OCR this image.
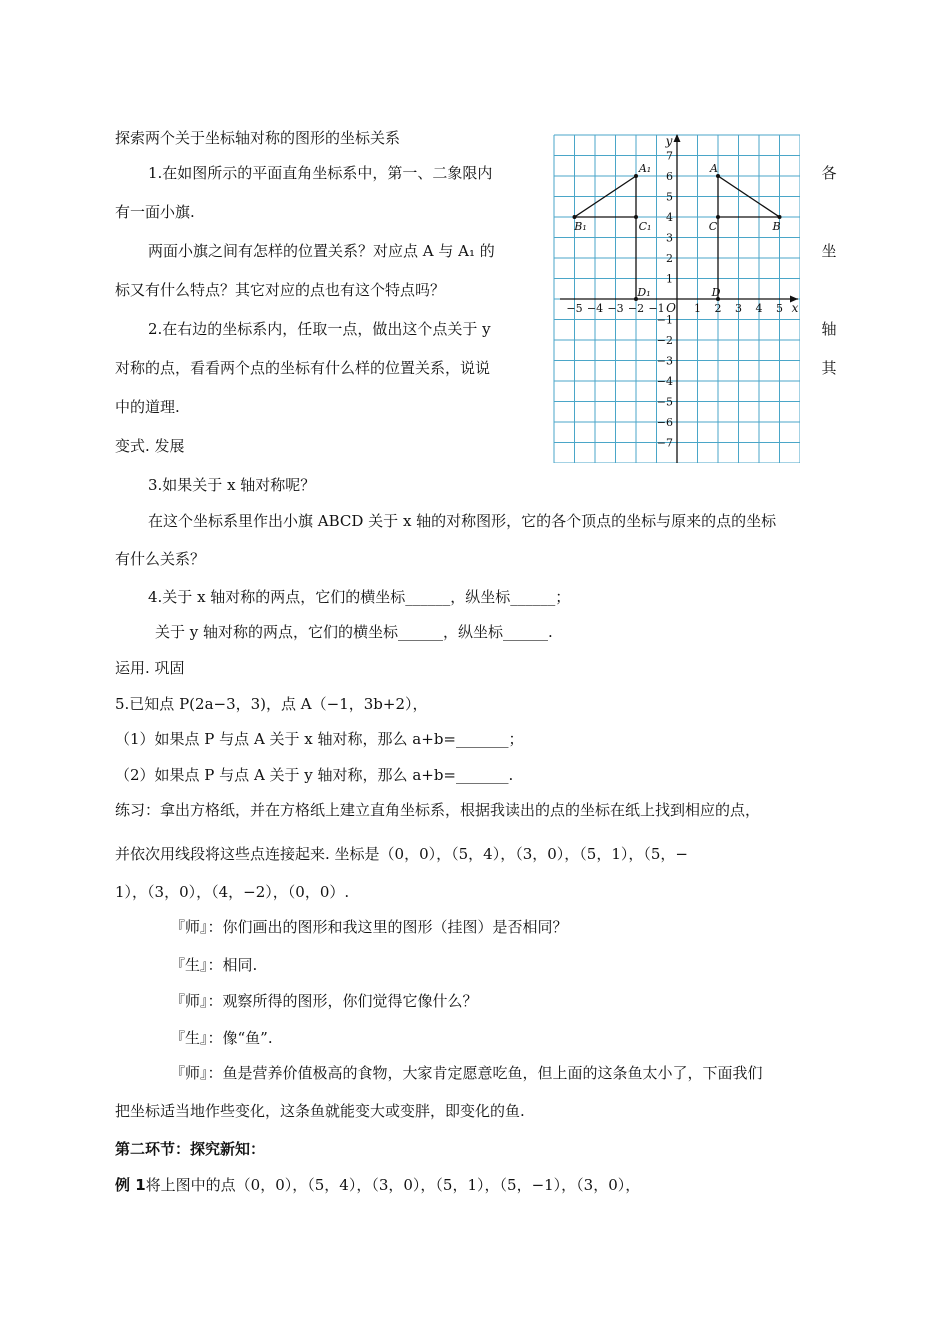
探索两个关于坐标轴对称的图形的坐标关系
1.在如图所示的平面直角坐标系中，第一、二象限内	各
有一面小旗.
两面小旗之间有怎样的位置关系？对应点 A 与 A₁ 的	坐
标又有什么特点？其它对应的点也有这个特点吗？
2.在右边的坐标系内，任取一点，做出这个点关于 y	轴
对称的点，看看两个点的坐标有什么样的位置关系，说说	其
中的道理.
变式. 发展
−5 −4 −3 −2 −1	1 2 3 4 5
7
6
5
4
3
2
1
−1
−2
−3
−4
−5
−6
−7
O	x
y
A
B
C
D
A₁
B₁	C₁
D₁
3.如果关于 x 轴对称呢？
在这个坐标系里作出小旗 ABCD 关于 x 轴的对称图形，它的各个顶点的坐标与原来的点的坐标
有什么关系？
4.关于 x 轴对称的两点，它们的横坐标______，纵坐标______；
关于 y 轴对称的两点，它们的横坐标______，纵坐标______.
运用. 巩固
5.已知点 P(2a−3，3)，点 A（−1，3b+2），
（1）如果点 P 与点 A 关于 x 轴对称，那么 a+b=_______；
（2）如果点 P 与点 A 关于 y 轴对称，那么 a+b=_______.
练习：拿出方格纸，并在方格纸上建立直角坐标系，根据我读出的点的坐标在纸上找到相应的点，
并依次用线段将这些点连接起来. 坐标是（0，0），（5，4），（3，0），（5，1），（5，−
1），（3，0），（4，−2），（0，0）.
『师』：你们画出的图形和我这里的图形（挂图）是否相同？
『生』：相同.
『师』：观察所得的图形，你们觉得它像什么？
『生』：像“鱼”.
『师』：鱼是营养价值极高的食物，大家肯定愿意吃鱼，但上面的这条鱼太小了，下面我们
把坐标适当地作些变化，这条鱼就能变大或变胖，即变化的鱼.
第二环节：探究新知：
例 1将上图中的点（0，0），（5，4），（3，0），（5，1），（5，−1），（3，0），
